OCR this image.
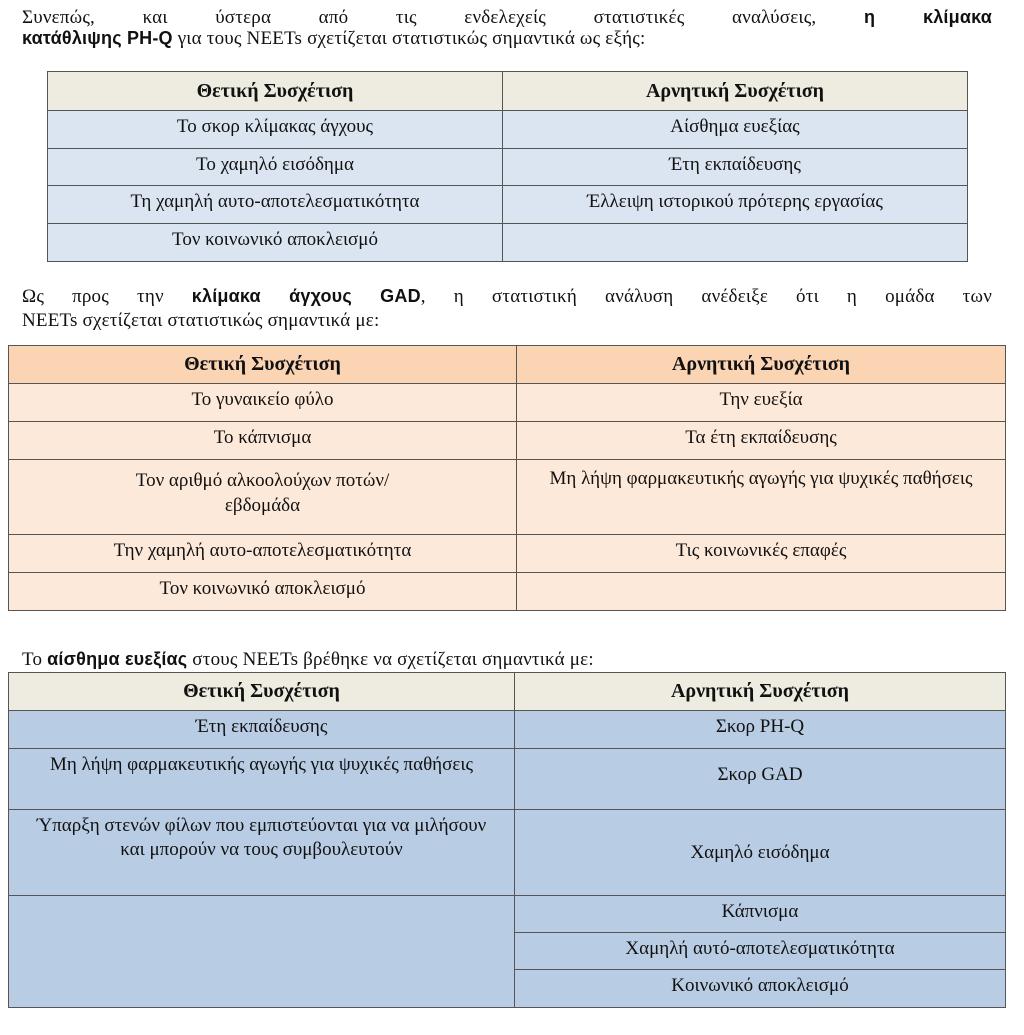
Συνεπώς, και ύστερα από τις ενδελεχείς στατιστικές αναλύσεις, η κλίμακα
κατάθλιψης PH-Q για τους NEETs σχετίζεται στατιστικώς σημαντικά ως εξής:
Θετική Συσχέτιση	Αρνητική Συσχέτιση
Το σκορ κλίμακας άγχους	Αίσθημα ευεξίας
Το χαμηλό εισόδημα	Έτη εκπαίδευσης
Τη χαμηλή αυτο-αποτελεσματικότητα	Έλλειψη ιστορικού πρότερης εργασίας
Τον κοινωνικό αποκλεισμό	
Ως προς την κλίμακα άγχους GAD, η στατιστική ανάλυση ανέδειξε ότι η ομάδα των
NEETs σχετίζεται στατιστικώς σημαντικά με:
Θετική Συσχέτιση	Αρνητική Συσχέτιση
Το γυναικείο φύλο	Την ευεξία
Το κάπνισμα	Τα έτη εκπαίδευσης
Τον αριθμό αλκοολούχων ποτών/εβδομάδα	Μη λήψη φαρμακευτικής αγωγής για ψυχικές παθήσεις
Την χαμηλή αυτο-αποτελεσματικότητα	Τις κοινωνικές επαφές
Τον κοινωνικό αποκλεισμό	
Το αίσθημα ευεξίας στους NEETs βρέθηκε να σχετίζεται σημαντικά με:
Θετική Συσχέτιση	Αρνητική Συσχέτιση
Έτη εκπαίδευσης	Σκορ PH-Q
Μη λήψη φαρμακευτικής αγωγής για ψυχικές παθήσεις	Σκορ GAD
Ύπαρξη στενών φίλων που εμπιστεύονται για να μιλήσουν και μπορούν να τους συμβουλευτούν	Χαμηλό εισόδημα
	Κάπνισμα
	Χαμηλή αυτό-αποτελεσματικότητα
	Κοινωνικό αποκλεισμό
